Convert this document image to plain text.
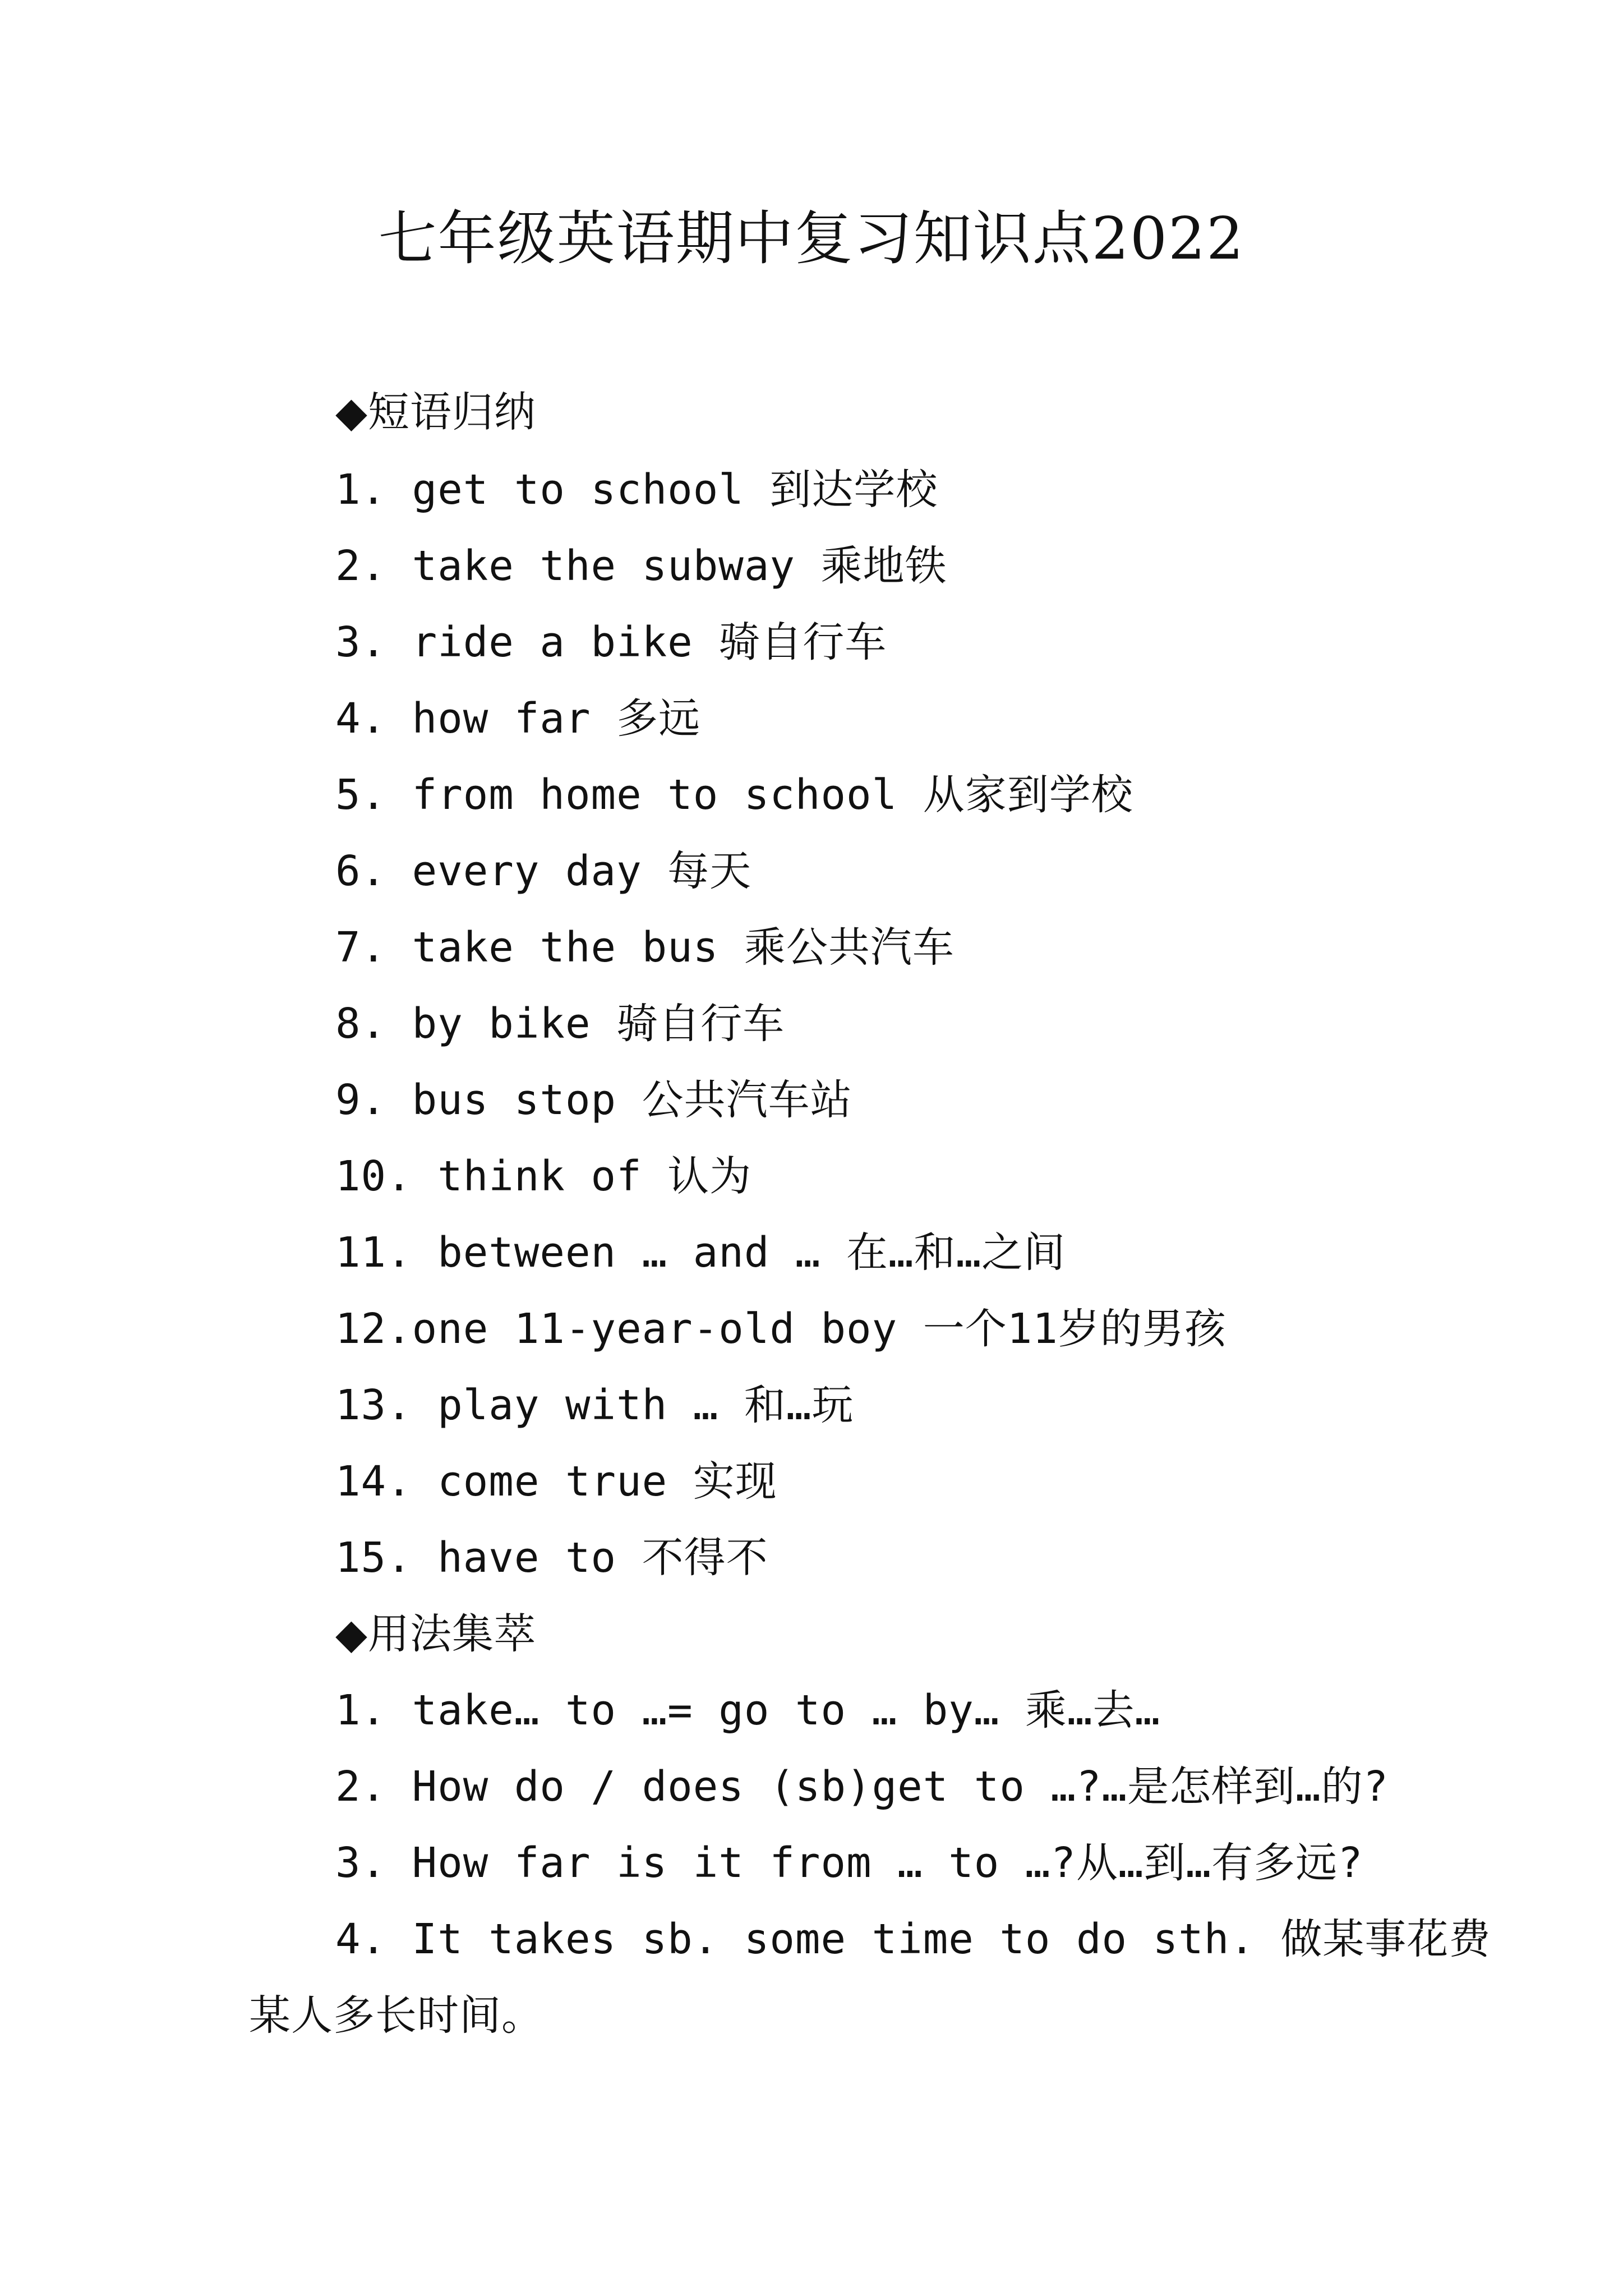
七年级英语期中复习知识点2022
◆短语归纳
1. get to school 到达学校
2. take the subway 乘地铁
3. ride a bike 骑自行车
4. how far 多远
5. from home to school 从家到学校
6. every day 每天
7. take the bus 乘公共汽车
8. by bike 骑自行车
9. bus stop 公共汽车站
10. think of 认为
11. between … and … 在…和…之间
12.one 11-year-old boy 一个11岁的男孩
13. play with … 和…玩
14. come true 实现
15. have to 不得不
◆用法集萃
1. take… to …= go to … by… 乘…去…
2. How do / does (sb)get to …?…是怎样到…的?
3. How far is it from … to …?从…到…有多远?
4. It takes sb. some time to do sth. 做某事花费
某人多长时间。
